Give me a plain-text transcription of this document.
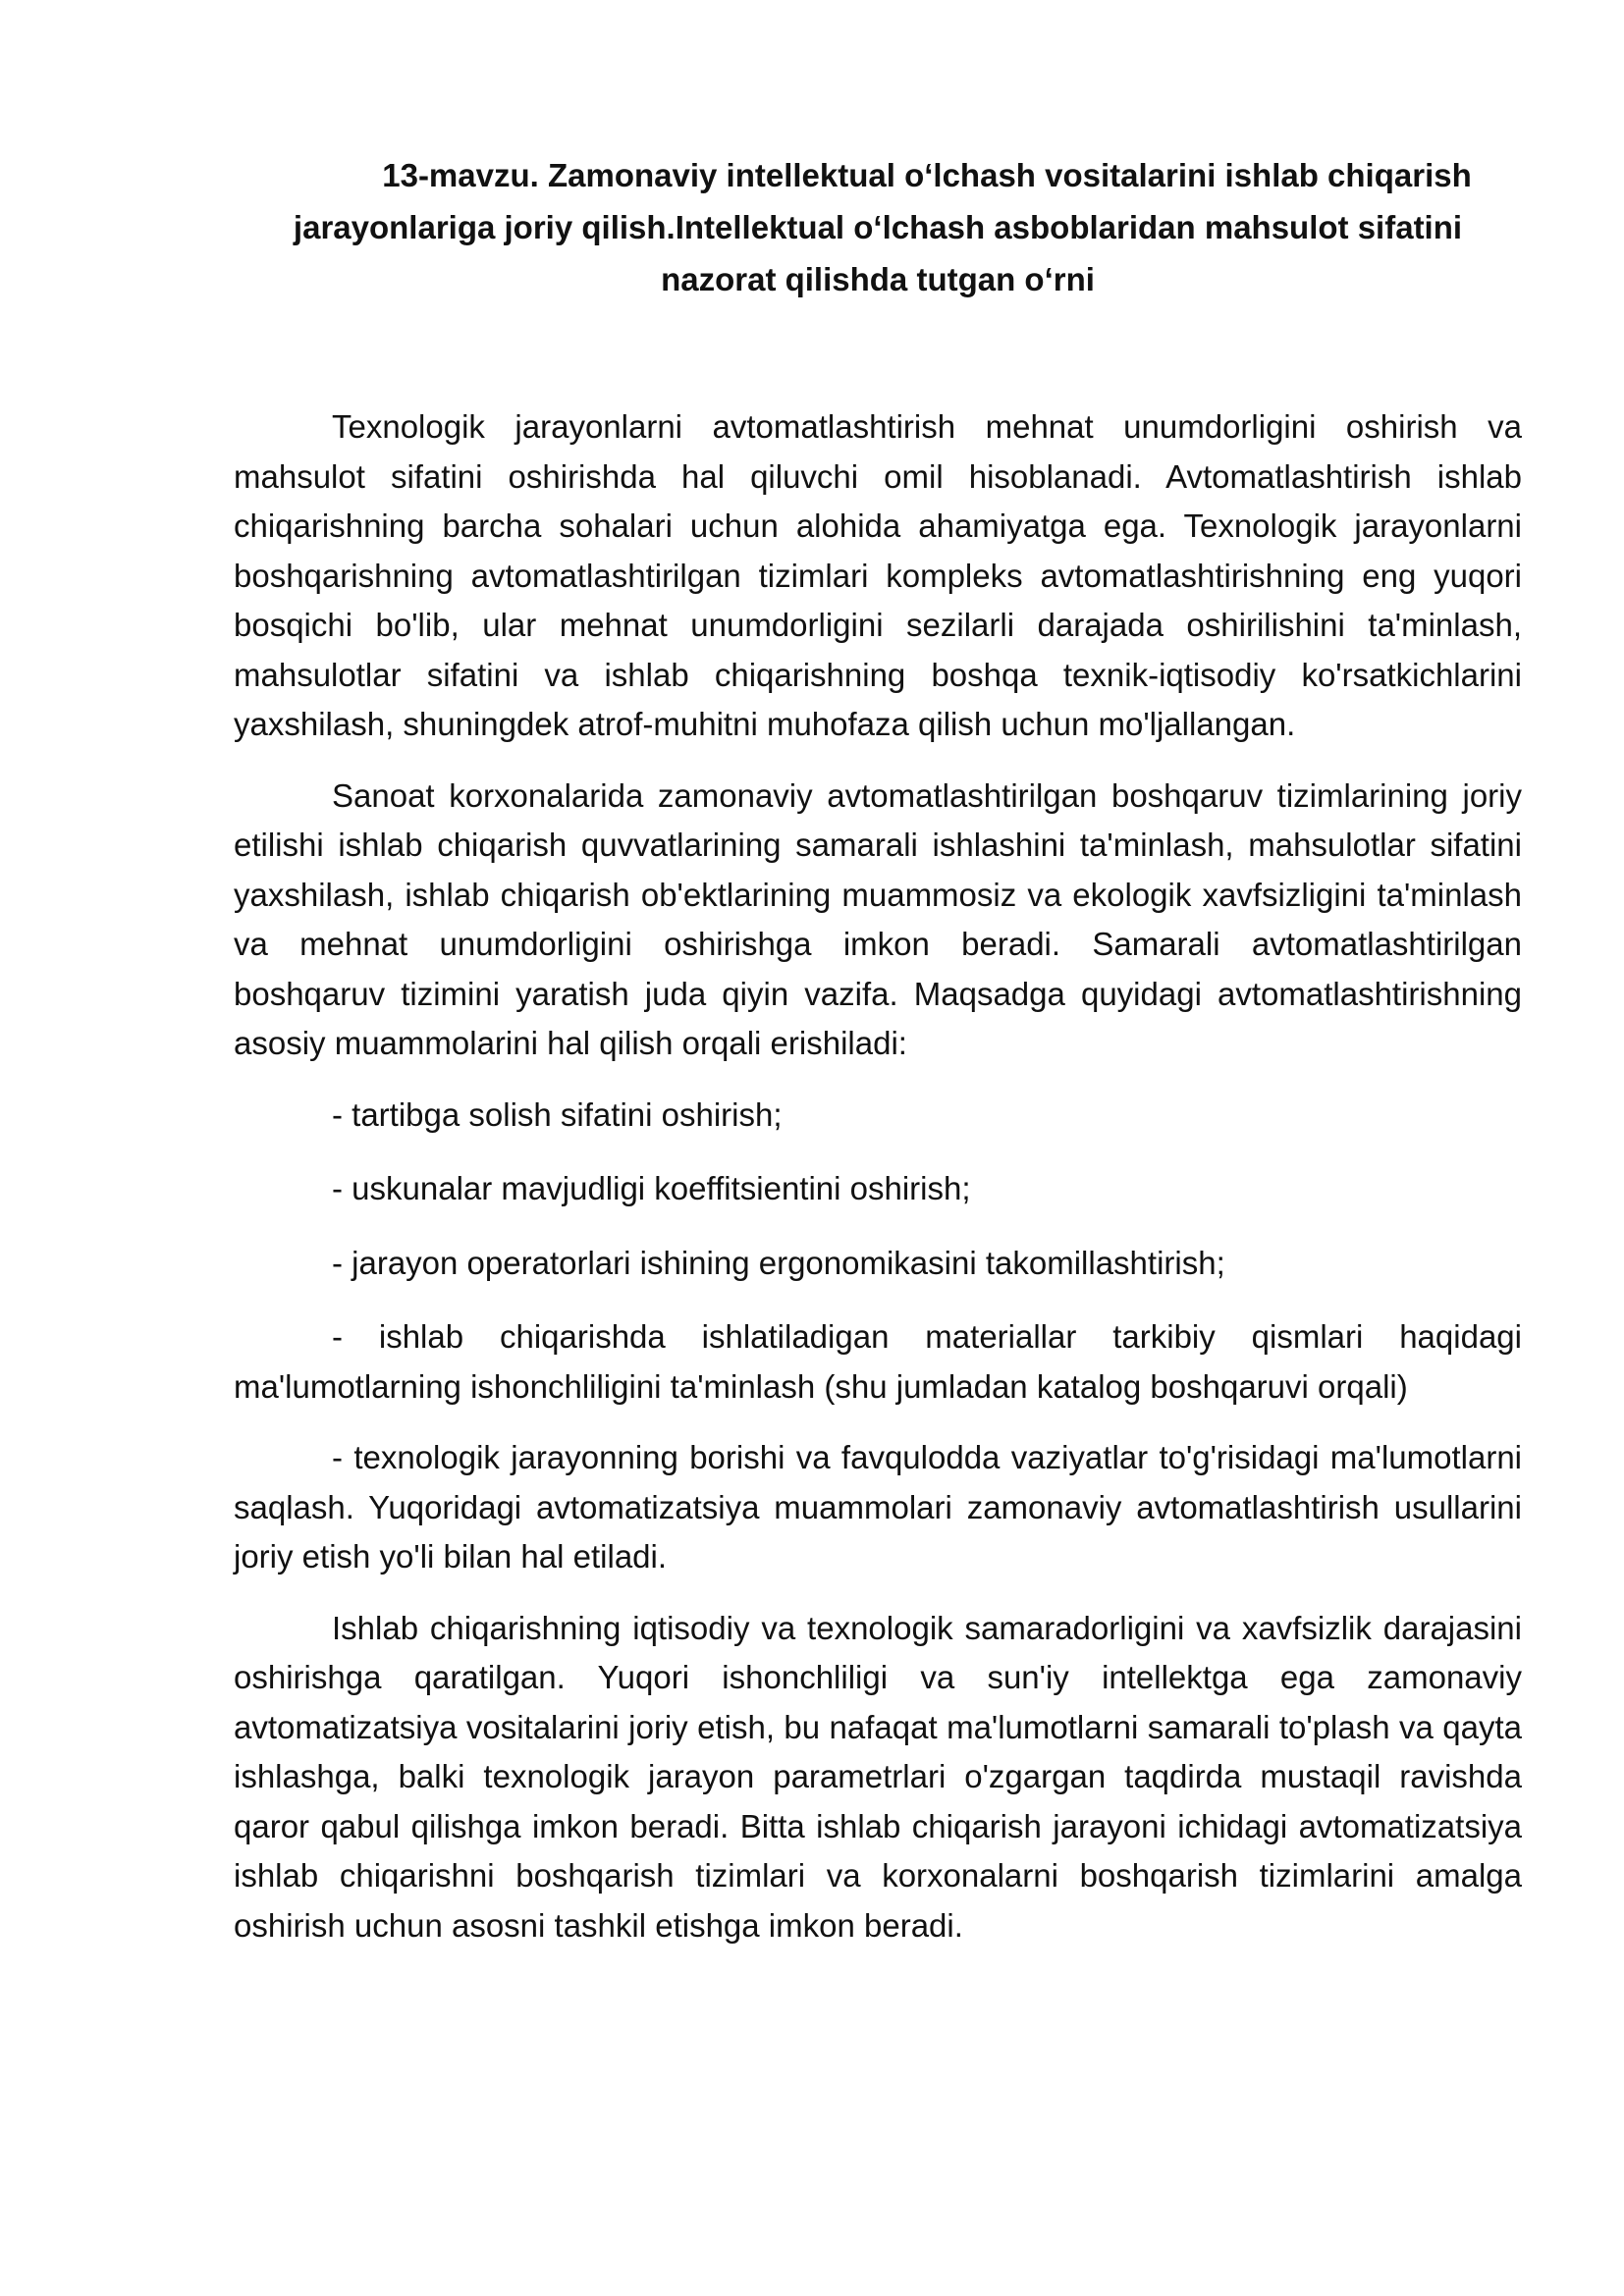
13-mavzu. Zamonaviy intellektual o‘lchash vositalarini ishlab chiqarish
jarayonlariga joriy qilish.Intellektual o‘lchash asboblaridan mahsulot sifatini
nazorat qilishda tutgan o‘rni

Texnologik jarayonlarni avtomatlashtirish mehnat unumdorligini oshirish va mahsulot sifatini oshirishda hal qiluvchi omil hisoblanadi. Avtomatlashtirish ishlab chiqarishning barcha sohalari uchun alohida ahamiyatga ega. Texnologik jarayonlarni boshqarishning avtomatlashtirilgan tizimlari kompleks avtomatlashtirishning eng yuqori bosqichi bo'lib, ular mehnat unumdorligini sezilarli darajada oshirilishini ta'minlash, mahsulotlar sifatini va ishlab chiqarishning boshqa texnik-iqtisodiy ko'rsatkichlarini yaxshilash, shuningdek atrof-muhitni muhofaza qilish uchun mo'ljallangan.

Sanoat korxonalarida zamonaviy avtomatlashtirilgan boshqaruv tizimlarining joriy etilishi ishlab chiqarish quvvatlarining samarali ishlashini ta'minlash, mahsulotlar sifatini yaxshilash, ishlab chiqarish ob'ektlarining muammosiz va ekologik xavfsizligini ta'minlash va mehnat unumdorligini oshirishga imkon beradi. Samarali avtomatlashtirilgan boshqaruv tizimini yaratish juda qiyin vazifa. Maqsadga quyidagi avtomatlashtirishning asosiy muammolarini hal qilish orqali erishiladi:

- tartibga solish sifatini oshirish;
- uskunalar mavjudligi koeffitsientini oshirish;
- jarayon operatorlari ishining ergonomikasini takomillashtirish;
- ishlab chiqarishda ishlatiladigan materiallar tarkibiy qismlari haqidagi ma'lumotlarning ishonchliligini ta'minlash (shu jumladan katalog boshqaruvi orqali)
- texnologik jarayonning borishi va favqulodda vaziyatlar to'g'risidagi ma'lumotlarni saqlash. Yuqoridagi avtomatizatsiya muammolari zamonaviy avtomatlashtirish usullarini joriy etish yo'li bilan hal etiladi.

Ishlab chiqarishning iqtisodiy va texnologik samaradorligini va xavfsizlik darajasini oshirishga qaratilgan. Yuqori ishonchliligi va sun'iy intellektga ega zamonaviy avtomatizatsiya vositalarini joriy etish, bu nafaqat ma'lumotlarni samarali to'plash va qayta ishlashga, balki texnologik jarayon parametrlari o'zgargan taqdirda mustaqil ravishda qaror qabul qilishga imkon beradi. Bitta ishlab chiqarish jarayoni ichidagi avtomatizatsiya ishlab chiqarishni boshqarish tizimlari va korxonalarni boshqarish tizimlarini amalga oshirish uchun asosni tashkil etishga imkon beradi.
